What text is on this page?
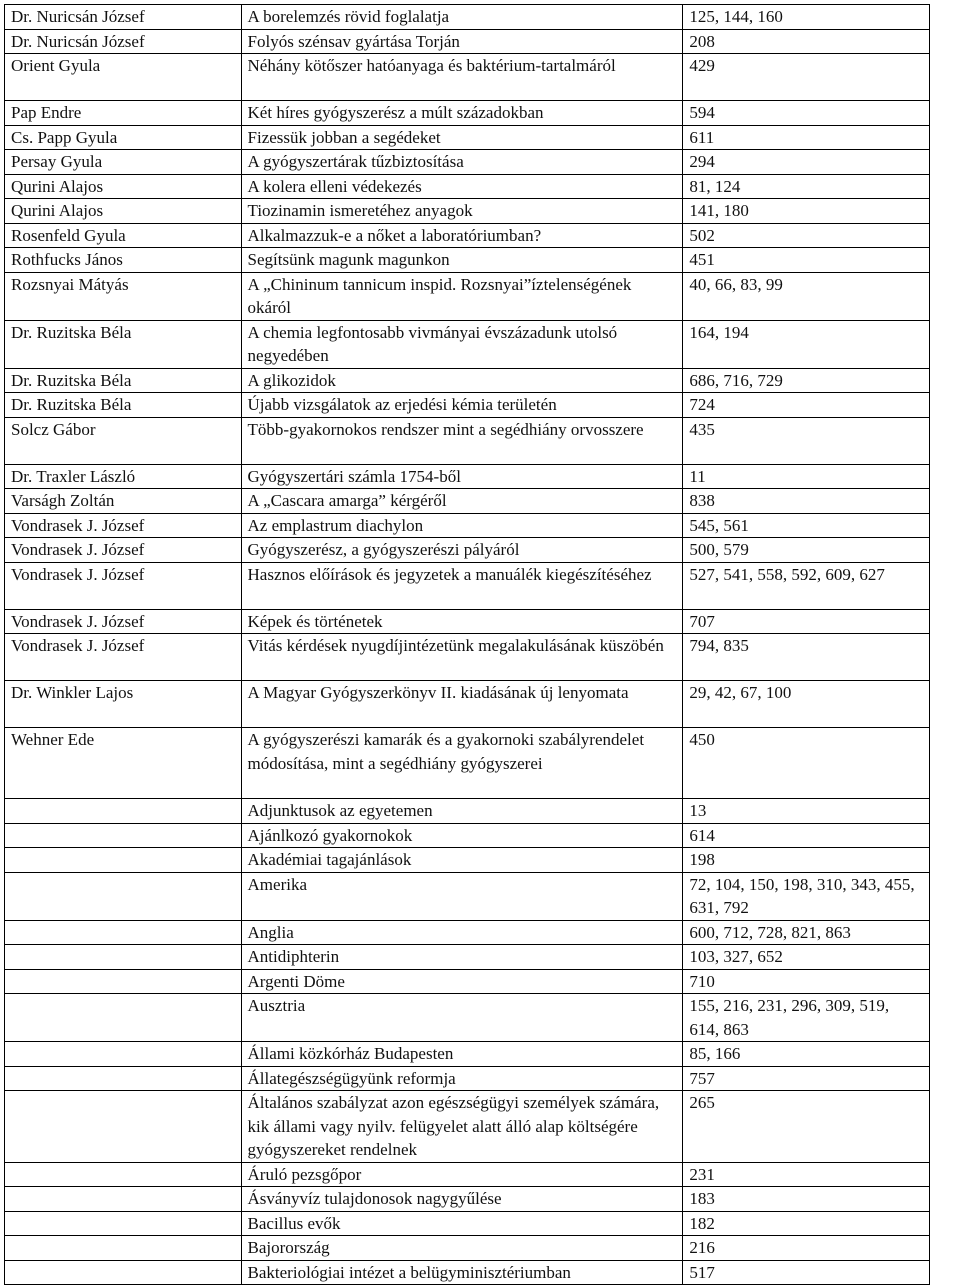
Dr. Nuricsán József	A borelemzés rövid foglalatja	125, 144, 160
Dr. Nuricsán József	Folyós szénsav gyártása Torján	208
Orient Gyula	Néhány kötőszer hatóanyaga és baktérium-tartalmáról	429
Pap Endre	Két híres gyógyszerész a múlt századokban	594
Cs. Papp Gyula	Fizessük jobban a segédeket	611
Persay Gyula	A gyógyszertárak tűzbiztosítása	294
Qurini Alajos	A kolera elleni védekezés	81, 124
Qurini Alajos	Tiozinamin ismeretéhez anyagok	141, 180
Rosenfeld Gyula	Alkalmazzuk-e a nőket a laboratóriumban?	502
Rothfucks János	Segítsünk magunk magunkon	451
Rozsnyai Mátyás	A „Chininum tannicum inspid. Rozsnyai”íztelenségének okáról	40, 66, 83, 99
Dr. Ruzitska Béla	A chemia legfontosabb vivmányai évszázadunk utolsó negyedében	164, 194
Dr. Ruzitska Béla	A glikozidok	686, 716, 729
Dr. Ruzitska Béla	Újabb vizsgálatok az erjedési kémia területén	724
Solcz Gábor	Több-gyakornokos rendszer mint a segédhiány orvosszere	435
Dr. Traxler László	Gyógyszertári számla 1754-ből	11
Varságh Zoltán	A „Cascara amarga” kérgéről	838
Vondrasek J. József	Az emplastrum diachylon	545, 561
Vondrasek J. József	Gyógyszerész, a gyógyszerészi pályáról	500, 579
Vondrasek J. József	Hasznos előírások és jegyzetek a manuálék kiegészítéséhez	527, 541, 558, 592, 609, 627
Vondrasek J. József	Képek és történetek	707
Vondrasek J. József	Vitás kérdések nyugdíjintézetünk megalakulásának küszöbén	794, 835
Dr. Winkler Lajos	A Magyar Gyógyszerkönyv II. kiadásának új lenyomata	29, 42, 67, 100
Wehner Ede	A gyógyszerészi kamarák és a gyakornoki szabályrendelet módosítása, mint a segédhiány gyógyszerei	450
	Adjunktusok az egyetemen	13
	Ajánlkozó gyakornokok	614
	Akadémiai tagajánlások	198
	Amerika	72, 104, 150, 198, 310, 343, 455, 631, 792
	Anglia	600, 712, 728, 821, 863
	Antidiphterin	103, 327, 652
	Argenti Döme	710
	Ausztria	155, 216, 231, 296, 309, 519, 614, 863
	Állami közkórház Budapesten	85, 166
	Állategészségügyünk reformja	757
	Általános szabályzat azon egészségügyi személyek számára, kik állami vagy nyilv. felügyelet alatt álló alap költségére gyógyszereket rendelnek	265
	Áruló pezsgőpor	231
	Ásványvíz tulajdonosok nagygyűlése	183
	Bacillus evők	182
	Bajorország	216
	Bakteriológiai intézet a belügyminisztériumban	517
